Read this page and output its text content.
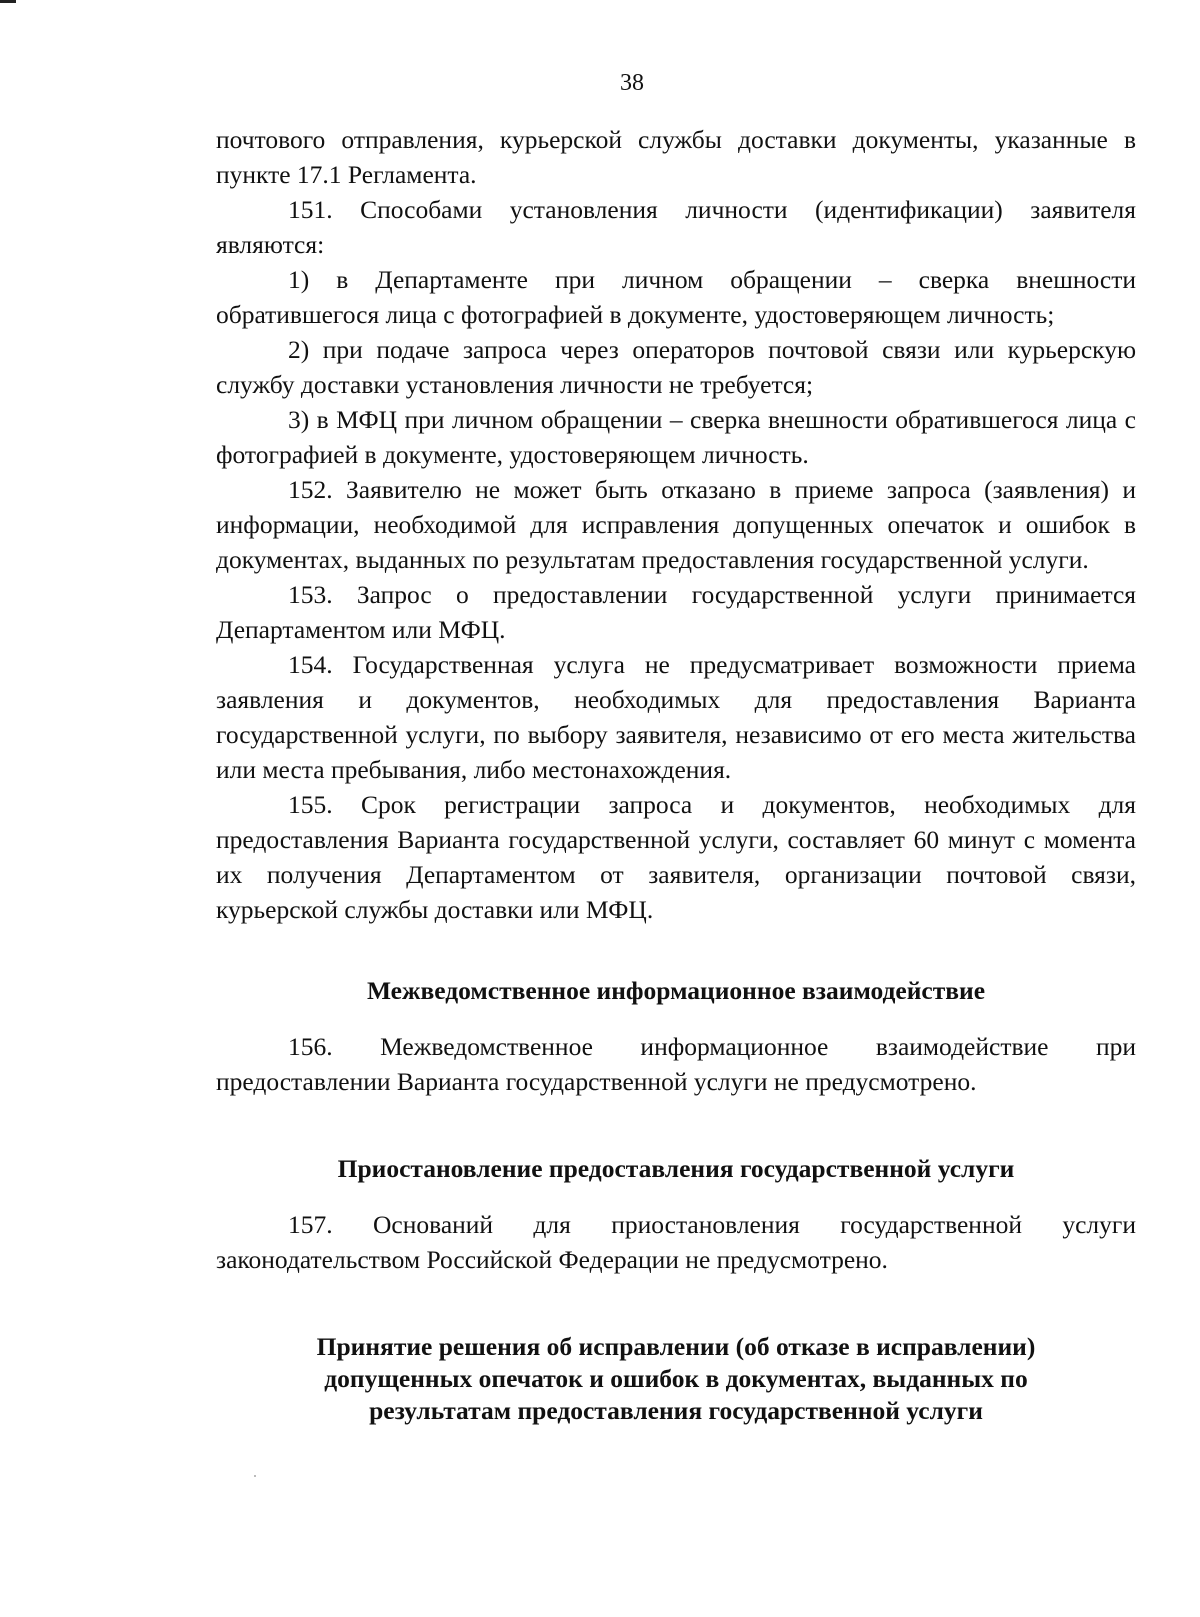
38

почтового отправления, курьерской службы доставки документы, указанные в пункте 17.1 Регламента.

151. Способами установления личности (идентификации) заявителя являются:

1) в Департаменте при личном обращении – сверка внешности обратившегося лица с фотографией в документе, удостоверяющем личность;

2) при подаче запроса через операторов почтовой связи или курьерскую службу доставки установления личности не требуется;

3) в МФЦ при личном обращении – сверка внешности обратившегося лица с фотографией в документе, удостоверяющем личность.

152. Заявителю не может быть отказано в приеме запроса (заявления) и информации, необходимой для исправления допущенных опечаток и ошибок в документах, выданных по результатам предоставления государственной услуги.

153. Запрос о предоставлении государственной услуги принимается Департаментом или МФЦ.

154. Государственная услуга не предусматривает возможности приема заявления и документов, необходимых для предоставления Варианта государственной услуги, по выбору заявителя, независимо от его места жительства или места пребывания, либо местонахождения.

155. Срок регистрации запроса и документов, необходимых для предоставления Варианта государственной услуги, составляет 60 минут с момента их получения Департаментом от заявителя, организации почтовой связи, курьерской службы доставки или МФЦ.

Межведомственное информационное взаимодействие

156. Межведомственное информационное взаимодействие при предоставлении Варианта государственной услуги не предусмотрено.

Приостановление предоставления государственной услуги

157. Оснований для приостановления государственной услуги законодательством Российской Федерации не предусмотрено.

Принятие решения об исправлении (об отказе в исправлении)
допущенных опечаток и ошибок в документах, выданных по
результатам предоставления государственной услуги
